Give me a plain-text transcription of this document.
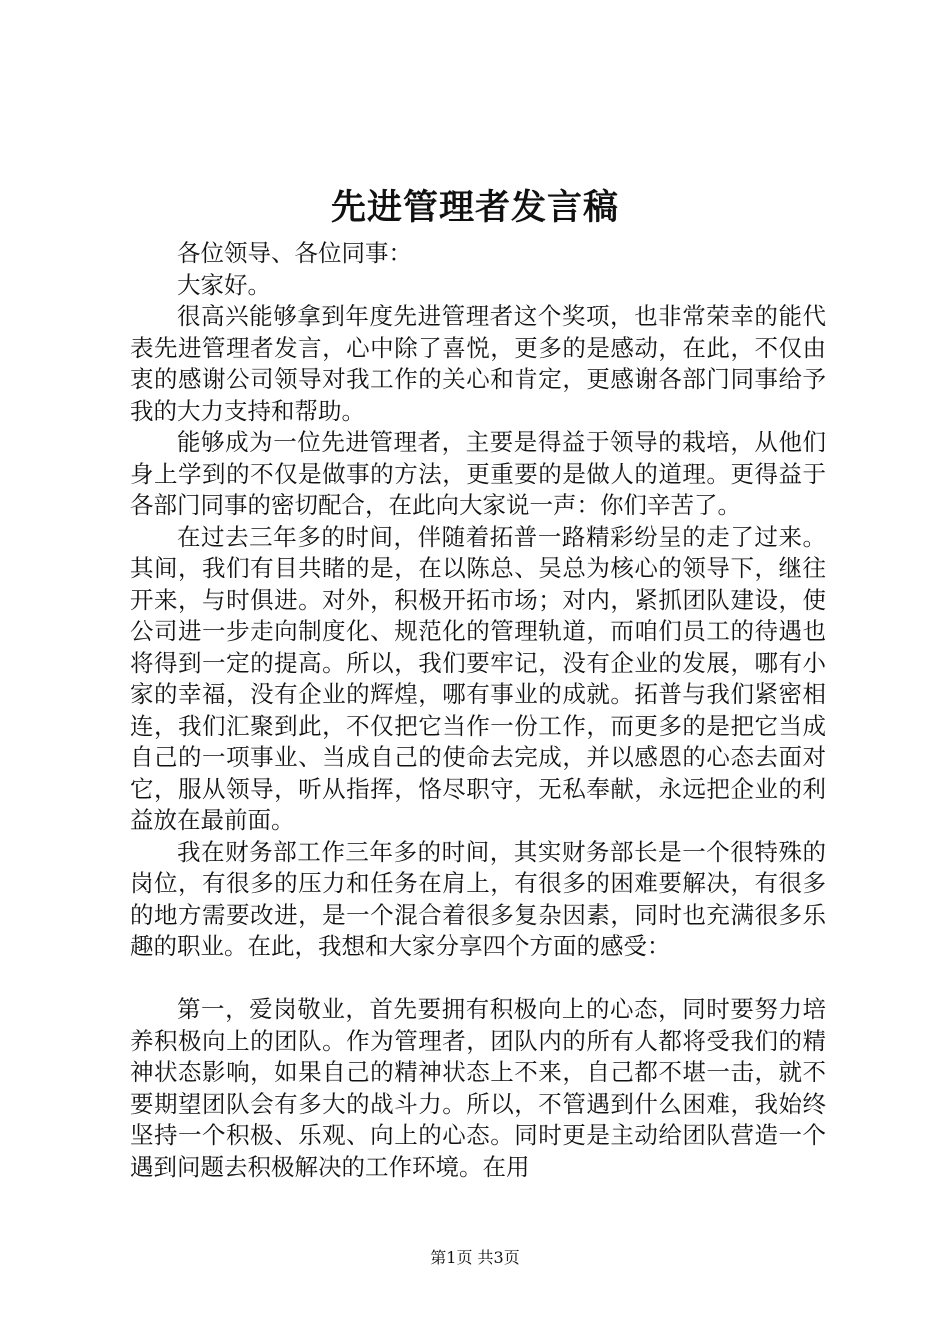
先进管理者发言稿

各位领导、各位同事：

大家好。

很高兴能够拿到年度先进管理者这个奖项，也非常荣幸的能代表先进管理者发言，心中除了喜悦，更多的是感动，在此，不仅由衷的感谢公司领导对我工作的关心和肯定，更感谢各部门同事给予我的大力支持和帮助。

能够成为一位先进管理者，主要是得益于领导的栽培，从他们身上学到的不仅是做事的方法，更重要的是做人的道理。更得益于各部门同事的密切配合，在此向大家说一声：你们辛苦了。

在过去三年多的时间，伴随着拓普一路精彩纷呈的走了过来。其间，我们有目共睹的是，在以陈总、吴总为核心的领导下，继往开来，与时俱进。对外，积极开拓市场；对内，紧抓团队建设，使公司进一步走向制度化、规范化的管理轨道，而咱们员工的待遇也将得到一定的提高。所以，我们要牢记，没有企业的发展，哪有小家的幸福，没有企业的辉煌，哪有事业的成就。拓普与我们紧密相连，我们汇聚到此，不仅把它当作一份工作，而更多的是把它当成自己的一项事业、当成自己的使命去完成，并以感恩的心态去面对它，服从领导，听从指挥，恪尽职守，无私奉献，永远把企业的利益放在最前面。

我在财务部工作三年多的时间，其实财务部长是一个很特殊的岗位，有很多的压力和任务在肩上，有很多的困难要解决，有很多的地方需要改进，是一个混合着很多复杂因素，同时也充满很多乐趣的职业。在此，我想和大家分享四个方面的感受：

第一，爱岗敬业，首先要拥有积极向上的心态，同时要努力培养积极向上的团队。作为管理者，团队内的所有人都将受我们的精神状态影响，如果自己的精神状态上不来，自己都不堪一击，就不要期望团队会有多大的战斗力。所以，不管遇到什么困难，我始终坚持一个积极、乐观、向上的心态。同时更是主动给团队营造一个遇到问题去积极解决的工作环境。在用

第1页 共3页
